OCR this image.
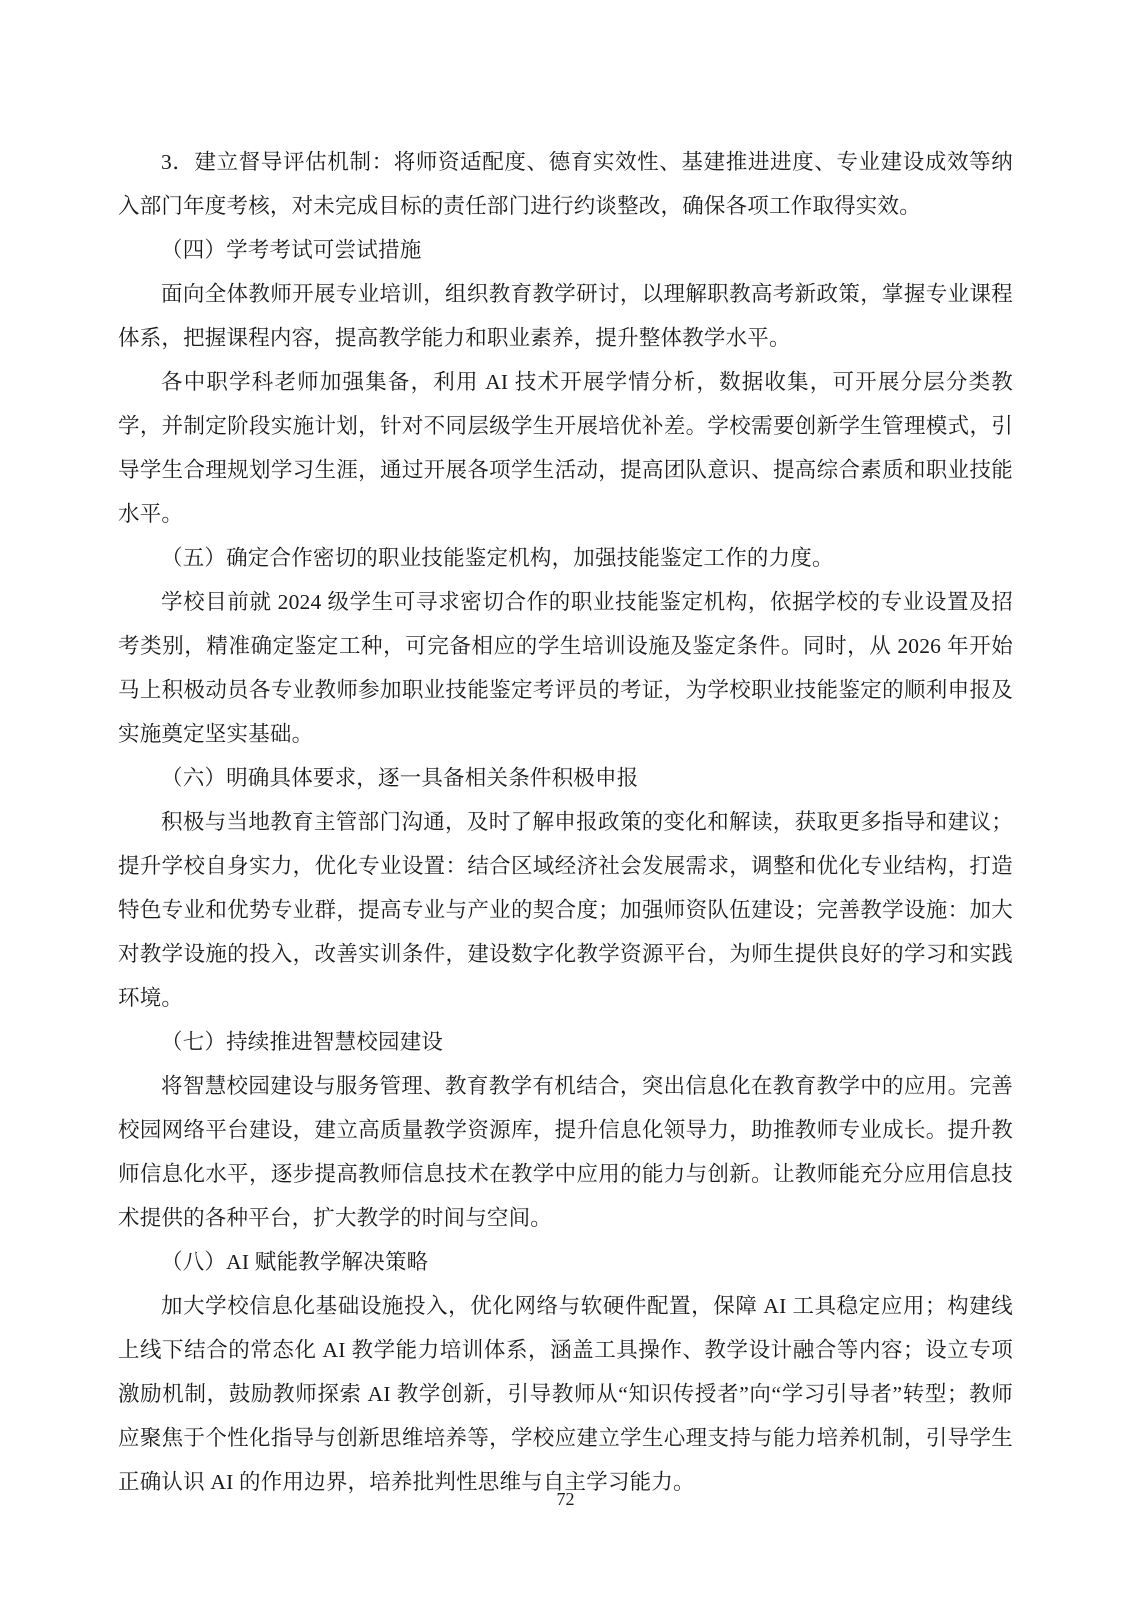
3．建立督导评估机制：将师资适配度、德育实效性、基建推进进度、专业建设成效等纳入部门年度考核，对未完成目标的责任部门进行约谈整改，确保各项工作取得实效。

（四）学考考试可尝试措施

面向全体教师开展专业培训，组织教育教学研讨，以理解职教高考新政策，掌握专业课程体系，把握课程内容，提高教学能力和职业素养，提升整体教学水平。

各中职学科老师加强集备，利用 AI 技术开展学情分析，数据收集，可开展分层分类教学，并制定阶段实施计划，针对不同层级学生开展培优补差。学校需要创新学生管理模式，引导学生合理规划学习生涯，通过开展各项学生活动，提高团队意识、提高综合素质和职业技能水平。

（五）确定合作密切的职业技能鉴定机构，加强技能鉴定工作的力度。

学校目前就 2024 级学生可寻求密切合作的职业技能鉴定机构，依据学校的专业设置及招考类别，精准确定鉴定工种，可完备相应的学生培训设施及鉴定条件。同时，从 2026 年开始马上积极动员各专业教师参加职业技能鉴定考评员的考证，为学校职业技能鉴定的顺利申报及实施奠定坚实基础。

（六）明确具体要求，逐一具备相关条件积极申报

积极与当地教育主管部门沟通，及时了解申报政策的变化和解读，获取更多指导和建议；提升学校自身实力，优化专业设置：结合区域经济社会发展需求，调整和优化专业结构，打造特色专业和优势专业群，提高专业与产业的契合度；加强师资队伍建设；完善教学设施：加大对教学设施的投入，改善实训条件，建设数字化教学资源平台，为师生提供良好的学习和实践环境。

（七）持续推进智慧校园建设

将智慧校园建设与服务管理、教育教学有机结合，突出信息化在教育教学中的应用。完善校园网络平台建设，建立高质量教学资源库，提升信息化领导力，助推教师专业成长。提升教师信息化水平，逐步提高教师信息技术在教学中应用的能力与创新。让教师能充分应用信息技术提供的各种平台，扩大教学的时间与空间。

（八）AI 赋能教学解决策略

加大学校信息化基础设施投入，优化网络与软硬件配置，保障 AI 工具稳定应用；构建线上线下结合的常态化 AI 教学能力培训体系，涵盖工具操作、教学设计融合等内容；设立专项激励机制，鼓励教师探索 AI 教学创新，引导教师从“知识传授者”向“学习引导者”转型；教师应聚焦于个性化指导与创新思维培养等，学校应建立学生心理支持与能力培养机制，引导学生正确认识 AI 的作用边界，培养批判性思维与自主学习能力。

72
